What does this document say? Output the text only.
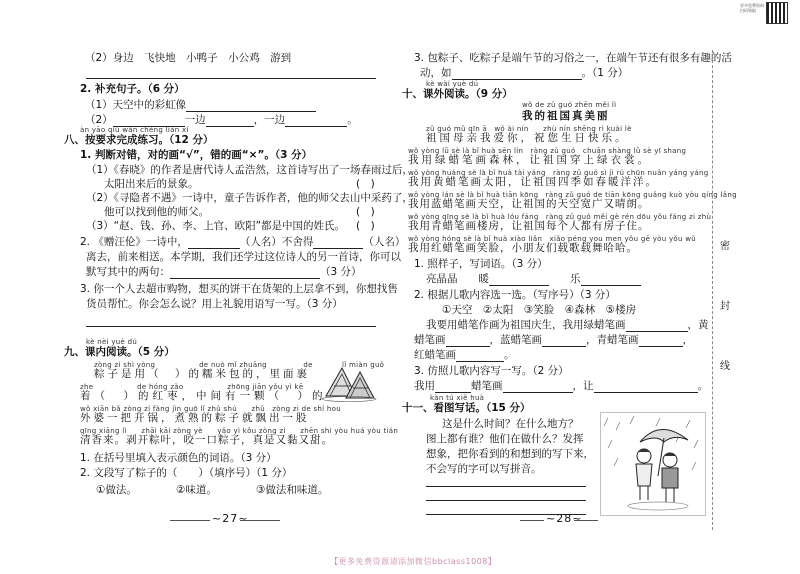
更多免费资料 扫码领取
（2）身边　飞快地　小鸭子　小公鸡　游到
2. 补充句子。（6 分）
（1）天空中的彩虹像
（2）	一边	，一边	。
àn yāo qiú wán chéng liàn xí
八、按要求完成练习。（12 分）
1. 判断对错，对的画“√”，错的画“×”。（3 分）
（1）《春晓》的作者是唐代诗人孟浩然，这首诗写出了一场春雨过后，
太阳出来后的景象。	(　)
（2）《寻隐者不遇》一诗中，童子告诉作者，他的师父去山中采药了，
他可以找到他的师父。	(　)
（3）“赵、钱、孙、李、上官、欧阳”都是中国的姓氏。 (　)
2. 《赠汪伦》一诗中，	（人名）不舍得	（人名）
离去，前来相送。本学期，我们还学过这位诗人的另一首诗，你可以
默写其中的两句：	（3 分）
3. 你一个人去超市购物，想买的饼干在货架的上层拿不到，你想找售
货员帮忙。你会怎么说？用上礼貌用语写一写。（3 分）
kè nèi yuè dú
九、课内阅读。（5 分）
zòng zi shì yòng　　　　　　de nuò mǐ zhuāng　　　　　de　　　　lǐ miàn guǒ
粽子是用（　）的糯米包的，里面裹
zhe　　　　　　de hóng zǎo　　　　　　zhōng jiān yǒu yì kē
着（　）的红枣，中间有一颗（　）的
wǒ xiān bǎ zòng zi fàng jìn guō lǐ zhǔ shú　　zhǔ　zòng zi de shí hou
外婆一把开锅，煮熟的粽子就飘出一股
qīng xiāng lì　　zhāi kāi zòng yè　　yǎo yì kǒu zòng zi　　zhēn shì yòu huá yòu tián
清香来。剥开粽叶，咬一口粽子，真是又黏又甜。
1. 在括号里填入表示颜色的词语。（3 分）
2. 文段写了粽子的（　　）（填序号）（1 分）
①做法。	②味道。	③做法和味道。
~27~
3. 包粽子、吃粽子是端午节的习俗之一，在端午节还有很多有趣的活
动，如	。（1 分）
kè wài yuè dú
十、课外阅读。（9 分）
wǒ de zǔ guó zhēn měi lì
我的祖国真美丽
zǔ guó mǔ qīn ā　wǒ ài nín　　zhù nín shēng rì kuài lè
祖国母亲我爱你，祝您生日快乐。
wǒ yòng lǜ sè là bǐ huà sēn lín　ràng zǔ guó　chuān shàng lǜ sè yī shang
我用绿蜡笔画森林，让祖国穿上绿衣裳。
wǒ yòng huáng sè là bǐ huà tài yáng　ràng zǔ guó sì jì rú chūn nuǎn yáng yáng
我用黄蜡笔画太阳，让祖国四季如春暖洋洋。
wǒ yòng lán sè là bǐ huà tiān kōng　ràng zǔ guó de tiān kōng guǎng kuò yòu qíng lǎng
我用蓝蜡笔画天空，让祖国的天空宽广又晴朗。
wǒ yòng qīng sè là bǐ huà lóu fáng　ràng zǔ guó měi gè rén dōu yǒu fáng zi zhù
我用青蜡笔画楼房，让祖国每个人都有房子住。
wǒ yòng hóng sè là bǐ huà xiào liǎn　xiǎo péng you men yǒu gē yòu yǒu wǔ
我用红蜡笔画笑脸，小朋友们载歌载舞哈哈。
1. 照样子，写词语。（3 分）
亮晶晶　　 暖　　	乐
2. 根据儿歌内容选一选。（写序号）（3 分）
①天空　②太阳　③笑脸　④森林　⑤楼房
我要用蜡笔作画为祖国庆生，我用绿蜡笔画	，黄
蜡笔画	，蓝蜡笔画	，青蜡笔画	，
红蜡笔画	。
3. 仿照儿歌内容写一写。（2 分）
我用	蜡笔画	，让	。
kàn tú xiě huà
十一、看图写话。（15 分）
这是什么时间？在什么地方？
图上都有谁？他们在做什么？发挥
想象，把你看到的和想到的写下来，
不会写的字可以写拼音。
~28~
密
封
线
【更多免费资源请添加微信bbclass1008】
